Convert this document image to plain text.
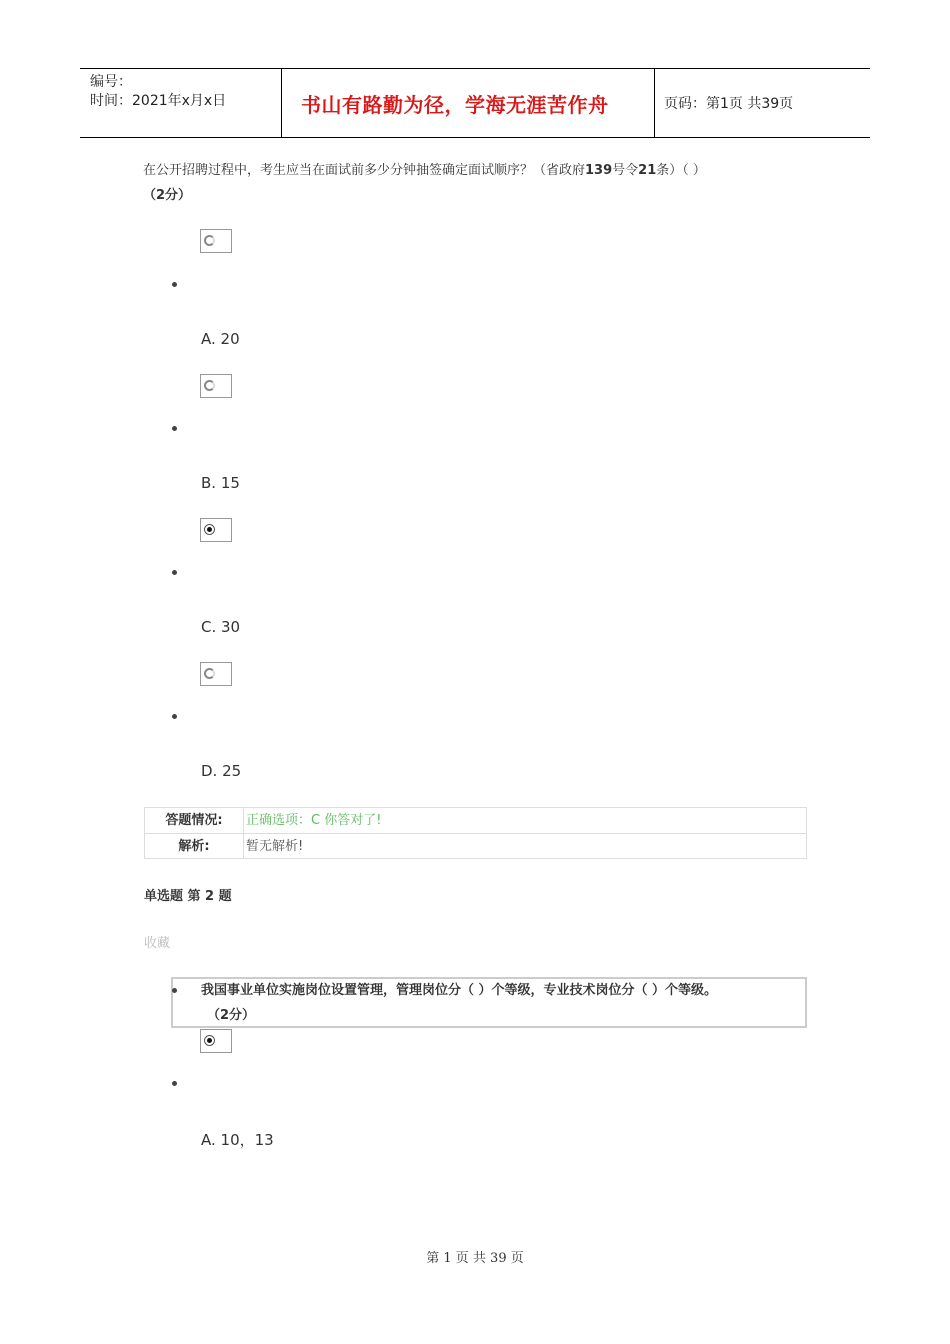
编号：
时间：2021年x月x日	书山有路勤为径，学海无涯苦作舟	页码：第1页 共39页
在公开招聘过程中，考生应当在面试前多少分钟抽签确定面试顺序？（省政府139号令21条）（ ）
（2分）
A. 20
B. 15
C. 30
D. 25
答题情况:	正确选项：C 你答对了!
解析:	暂无解析!
单选题 第 2 题
收藏
我国事业单位实施岗位设置管理，管理岗位分（ ）个等级，专业技术岗位分（ ）个等级。
（2分）
A. 10，13
第 1 页 共 39 页
